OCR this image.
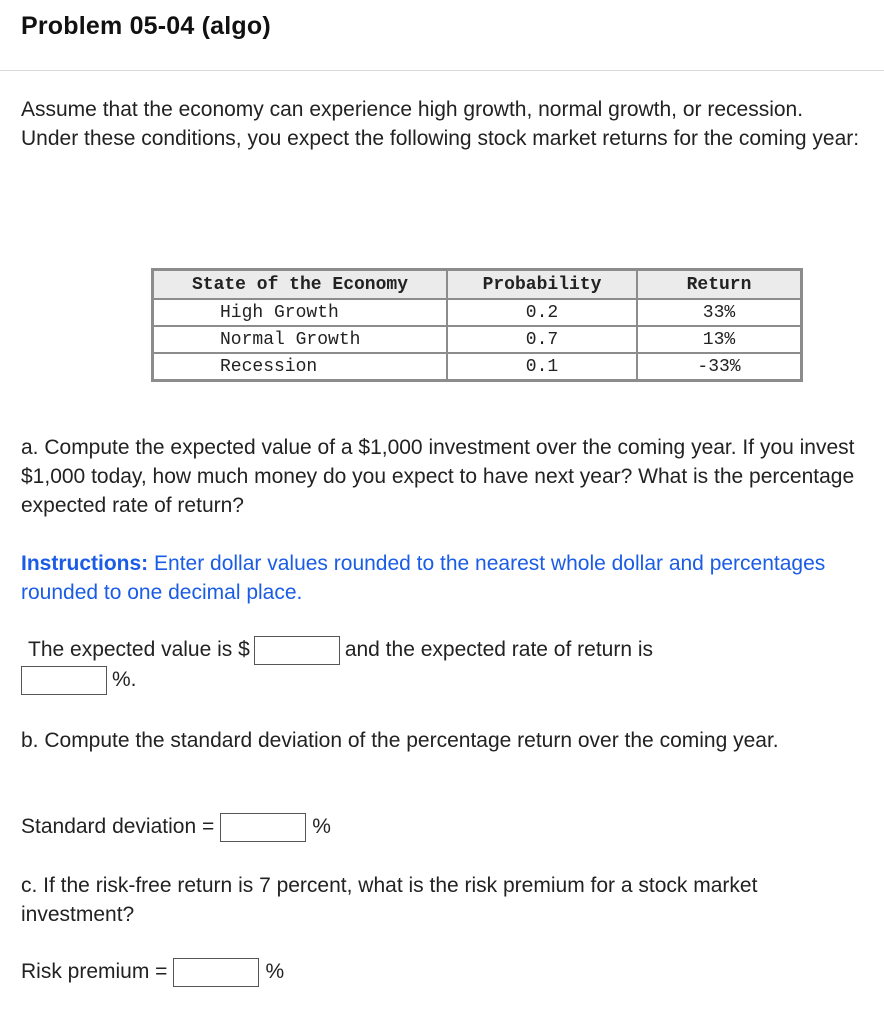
Problem 05-04 (algo)
Assume that the economy can experience high growth, normal growth, or recession. Under these conditions, you expect the following stock market returns for the coming year:
State of the Economy	Probability	Return
High Growth	0.2	33%
Normal Growth	0.7	13%
Recession	0.1	-33%
a. Compute the expected value of a $1,000 investment over the coming year. If you invest $1,000 today, how much money do you expect to have next year? What is the percentage expected rate of return?
Instructions: Enter dollar values rounded to the nearest whole dollar and percentages rounded to one decimal place.
The expected value is $	and the expected rate of return is
%.
b. Compute the standard deviation of the percentage return over the coming year.
Standard deviation =	%
c. If the risk-free return is 7 percent, what is the risk premium for a stock market investment?
Risk premium =	%
